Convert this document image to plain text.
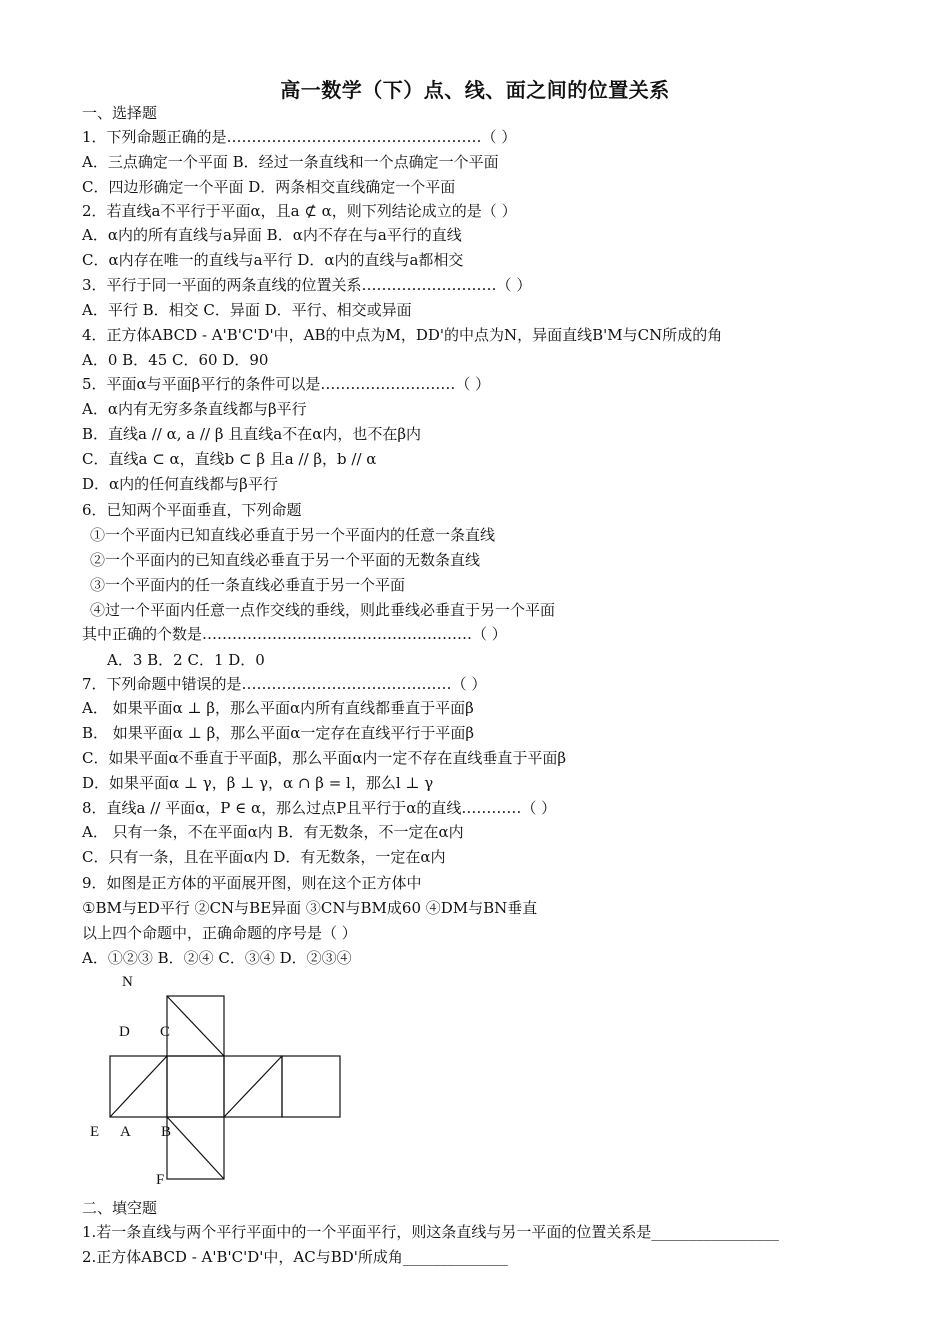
高一数学（下）点、线、面之间的位置关系
一、选择题
1．下列命题正确的是……………………………………………（ ）
A．三点确定一个平面 B．经过一条直线和一个点确定一个平面
C．四边形确定一个平面 D．两条相交直线确定一个平面
2．若直线a不平行于平面α，且a ⊄ α，则下列结论成立的是（ ）
A．α内的所有直线与a异面 B．α内不存在与a平行的直线
C．α内存在唯一的直线与a平行 D．α内的直线与a都相交
3．平行于同一平面的两条直线的位置关系………………………（ ）
A．平行 B．相交 C．异面 D．平行、相交或异面
4．正方体ABCD - A'B'C'D'中，AB的中点为M，DD'的中点为N，异面直线B'M与CN所成的角
A．0 B．45 C．60 D．90
5．平面α与平面β平行的条件可以是………………………（ ）
A．α内有无穷多条直线都与β平行
B．直线a // α, a // β 且直线a不在α内，也不在β内
C．直线a ⊂ α，直线b ⊂ β 且a // β，b // α
D．α内的任何直线都与β平行
6．已知两个平面垂直，下列命题
①一个平面内已知直线必垂直于另一个平面内的任意一条直线
②一个平面内的已知直线必垂直于另一个平面的无数条直线
③一个平面内的任一条直线必垂直于另一个平面
④过一个平面内任意一点作交线的垂线，则此垂线必垂直于另一个平面
其中正确的个数是………………………………………………（ ）
A．3 B．2 C．1 D．0
7．下列命题中错误的是……………………………………（ ）
A． 如果平面α ⊥ β，那么平面α内所有直线都垂直于平面β
B． 如果平面α ⊥ β，那么平面α一定存在直线平行于平面β
C．如果平面α不垂直于平面β，那么平面α内一定不存在直线垂直于平面β
D．如果平面α ⊥ γ，β ⊥ γ，α ∩ β = l，那么l ⊥ γ
8．直线a // 平面α，P ∈ α，那么过点P且平行于α的直线…………（ ）
A． 只有一条，不在平面α内 B．有无数条，不一定在α内
C．只有一条，且在平面α内 D．有无数条，一定在α内
9．如图是正方体的平面展开图，则在这个正方体中
①BM与ED平行 ②CN与BE异面 ③CN与BM成60 ④DM与BN垂直
以上四个命题中，正确命题的序号是（ ）
A．①②③ B．②④ C．③④ D．②③④
N
D C
E A B
F
二、填空题
1.若一条直线与两个平行平面中的一个平面平行，则这条直线与另一平面的位置关系是_________________
2.正方体ABCD - A'B'C'D'中，AC与BD'所成角______________
